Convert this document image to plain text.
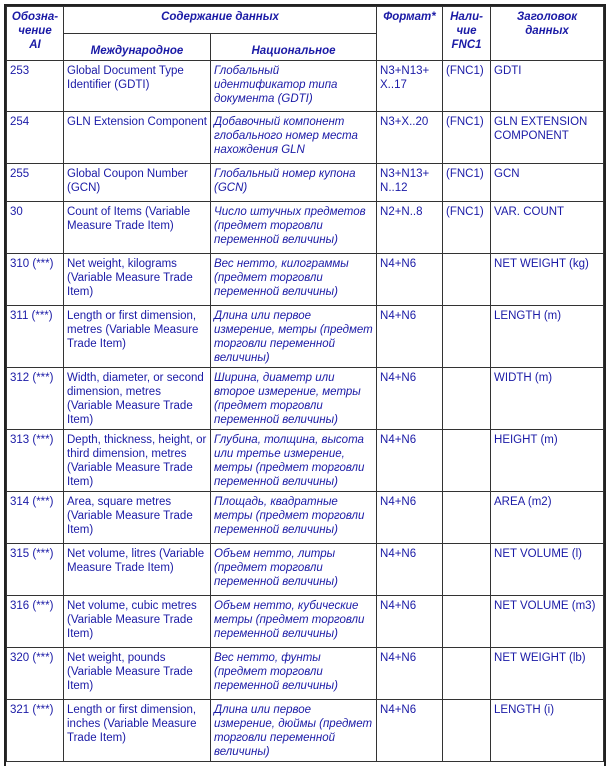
Обозна-
чение
AI	Содержание данных		Формат*	Нали-
чие
FNC1	Заголовок
данных
	Международное	Национальное			
253	Global Document Type Identifier (GDTI)	Глобальный идентификатор типа документа (GDTI)	N3+N13+
X..17	(FNC1)	GDTI
254	GLN Extension Component	Добавочный компонент глобального номер места нахождения GLN	N3+X..20	(FNC1)	GLN EXTENSION COMPONENT
255	Global Coupon Number (GCN)	Глобальный номер купона (GCN)	N3+N13+
N..12	(FNC1)	GCN
30	Count of Items (Variable Measure Trade Item)	Число штучных предметов (предмет торговли переменной величины)	N2+N..8	(FNC1)	VAR. COUNT
310 (***)	Net weight, kilograms (Variable Measure Trade Item)	Вес нетто, килограммы (предмет торговли переменной величины)	N4+N6		NET WEIGHT (kg)
311 (***)	Length or first dimension, metres (Variable Measure Trade Item)	Длина или первое измерение, метры (предмет торговли переменной величины)	N4+N6		LENGTH (m)
312 (***)	Width, diameter, or second dimension, metres (Variable Measure Trade Item)	Ширина, диаметр или второе измерение, метры (предмет торговли переменной величины)	N4+N6		WIDTH (m)
313 (***)	Depth, thickness, height, or third dimension, metres (Variable Measure Trade Item)	Глубина, толщина, высота или третье измерение, метры (предмет торговли переменной величины)	N4+N6		HEIGHT (m)
314 (***)	Area, square metres (Variable Measure Trade Item)	Площадь, квадратные метры (предмет торговли переменной величины)	N4+N6		AREA (m2)
315 (***)	Net volume, litres (Variable Measure Trade Item)	Объем нетто, литры (предмет торговли переменной величины)	N4+N6		NET VOLUME (l)
316 (***)	Net volume, cubic metres (Variable Measure Trade Item)	Объем нетто, кубические метры (предмет торговли переменной величины)	N4+N6		NET VOLUME (m3)
320 (***)	Net weight, pounds (Variable Measure Trade Item)	Вес нетто, фунты (предмет торговли переменной величины)	N4+N6		NET WEIGHT (lb)
321 (***)	Length or first dimension, inches (Variable Measure Trade Item)	Длина или первое измерение, дюймы (предмет торговли переменной величины)	N4+N6		LENGTH (i)
